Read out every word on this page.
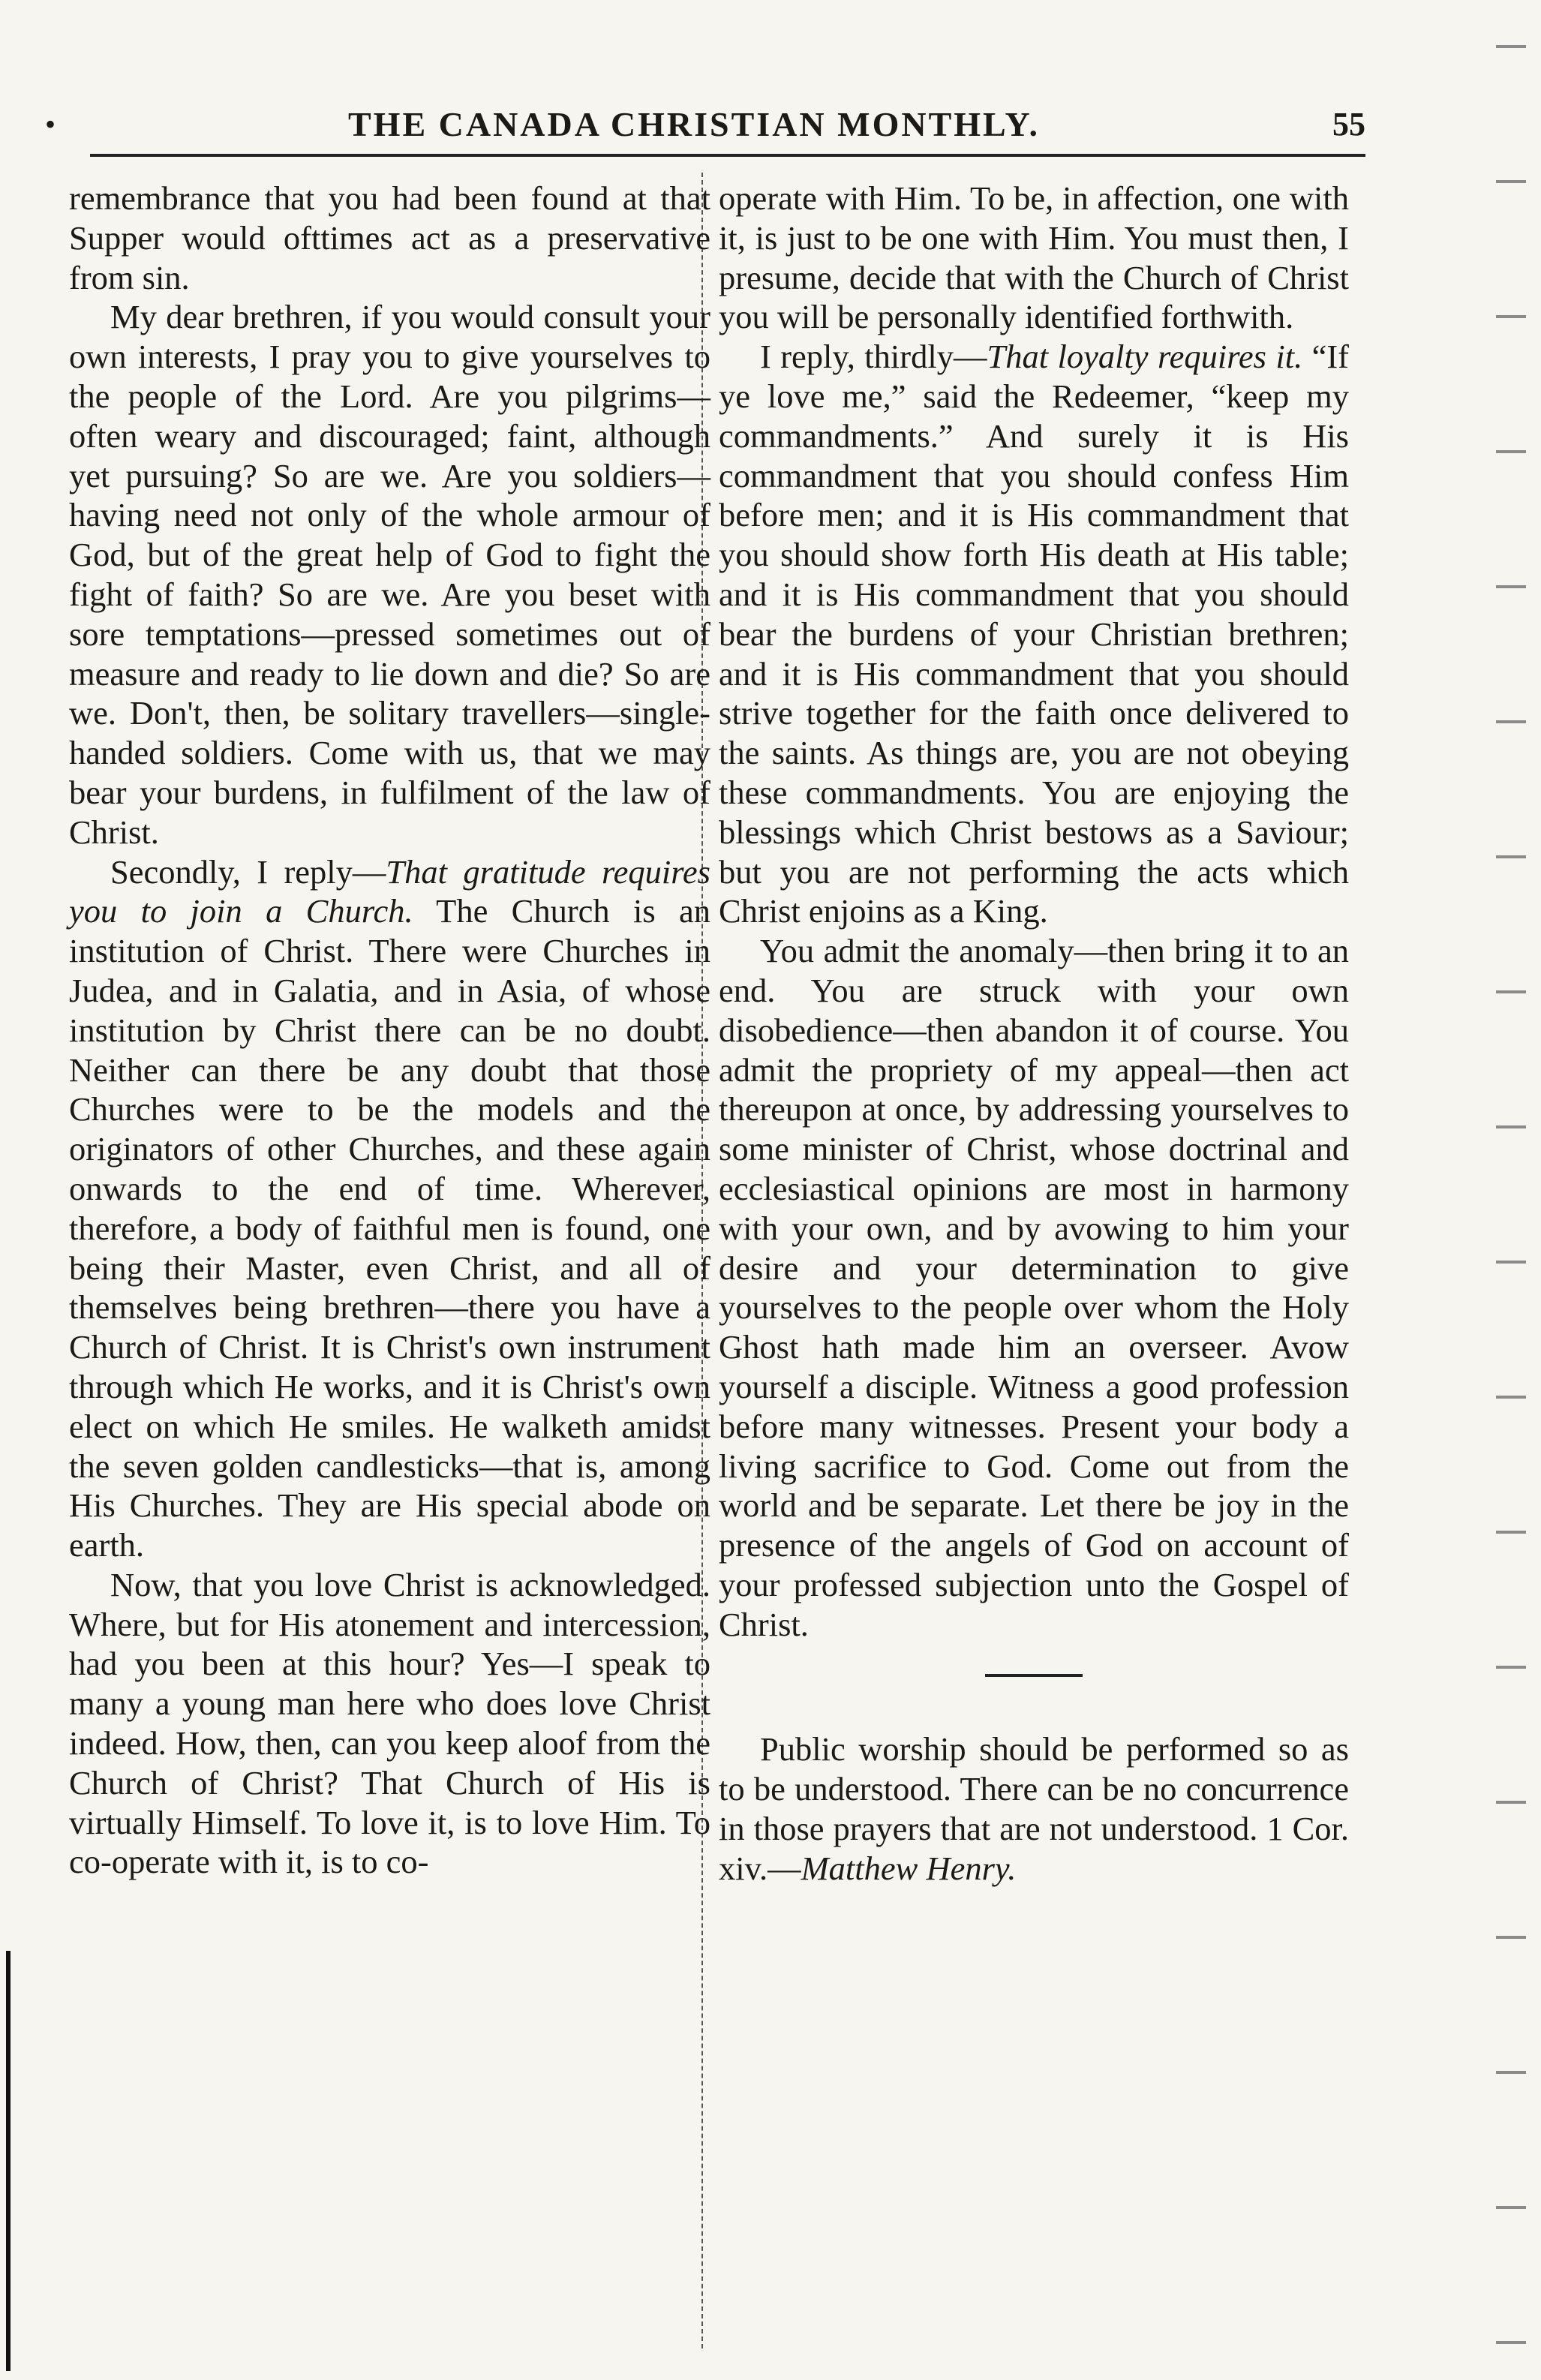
•	THE CANADA CHRISTIAN MONTHLY.	55

remembrance that you had been found at that Supper would ofttimes act as a preservative from sin.

My dear brethren, if you would consult your own interests, I pray you to give yourselves to the people of the Lord. Are you pilgrims—often weary and discouraged; faint, although yet pursuing? So are we. Are you soldiers—having need not only of the whole armour of God, but of the great help of God to fight the fight of faith? So are we. Are you beset with sore temptations—pressed sometimes out of measure and ready to lie down and die? So are we. Don't, then, be solitary travellers—single-handed soldiers. Come with us, that we may bear your burdens, in fulfilment of the law of Christ.

Secondly, I reply—That gratitude requires you to join a Church. The Church is an institution of Christ. There were Churches in Judea, and in Galatia, and in Asia, of whose institution by Christ there can be no doubt. Neither can there be any doubt that those Churches were to be the models and the originators of other Churches, and these again onwards to the end of time. Wherever, therefore, a body of faithful men is found, one being their Master, even Christ, and all of themselves being brethren—there you have a Church of Christ. It is Christ's own instrument through which He works, and it is Christ's own elect on which He smiles. He walketh amidst the seven golden candlesticks—that is, among His Churches. They are His special abode on earth.

Now, that you love Christ is acknowledged. Where, but for His atonement and intercession, had you been at this hour? Yes—I speak to many a young man here who does love Christ indeed. How, then, can you keep aloof from the Church of Christ? That Church of His is virtually Himself. To love it, is to love Him. To co-operate with it, is to co-

operate with Him. To be, in affection, one with it, is just to be one with Him. You must then, I presume, decide that with the Church of Christ you will be personally identified forthwith.

I reply, thirdly—That loyalty requires it. “If ye love me,” said the Redeemer, “keep my commandments.” And surely it is His commandment that you should confess Him before men; and it is His commandment that you should show forth His death at His table; and it is His commandment that you should bear the burdens of your Christian brethren; and it is His commandment that you should strive together for the faith once delivered to the saints. As things are, you are not obeying these commandments. You are enjoying the blessings which Christ bestows as a Saviour; but you are not performing the acts which Christ enjoins as a King.

You admit the anomaly—then bring it to an end. You are struck with your own disobedience—then abandon it of course. You admit the propriety of my appeal—then act thereupon at once, by addressing yourselves to some minister of Christ, whose doctrinal and ecclesiastical opinions are most in harmony with your own, and by avowing to him your desire and your determination to give yourselves to the people over whom the Holy Ghost hath made him an overseer. Avow yourself a disciple. Witness a good profession before many witnesses. Present your body a living sacrifice to God. Come out from the world and be separate. Let there be joy in the presence of the angels of God on account of your professed subjection unto the Gospel of Christ.

Public worship should be performed so as to be understood. There can be no concurrence in those prayers that are not understood. 1 Cor. xiv.—Matthew Henry.
